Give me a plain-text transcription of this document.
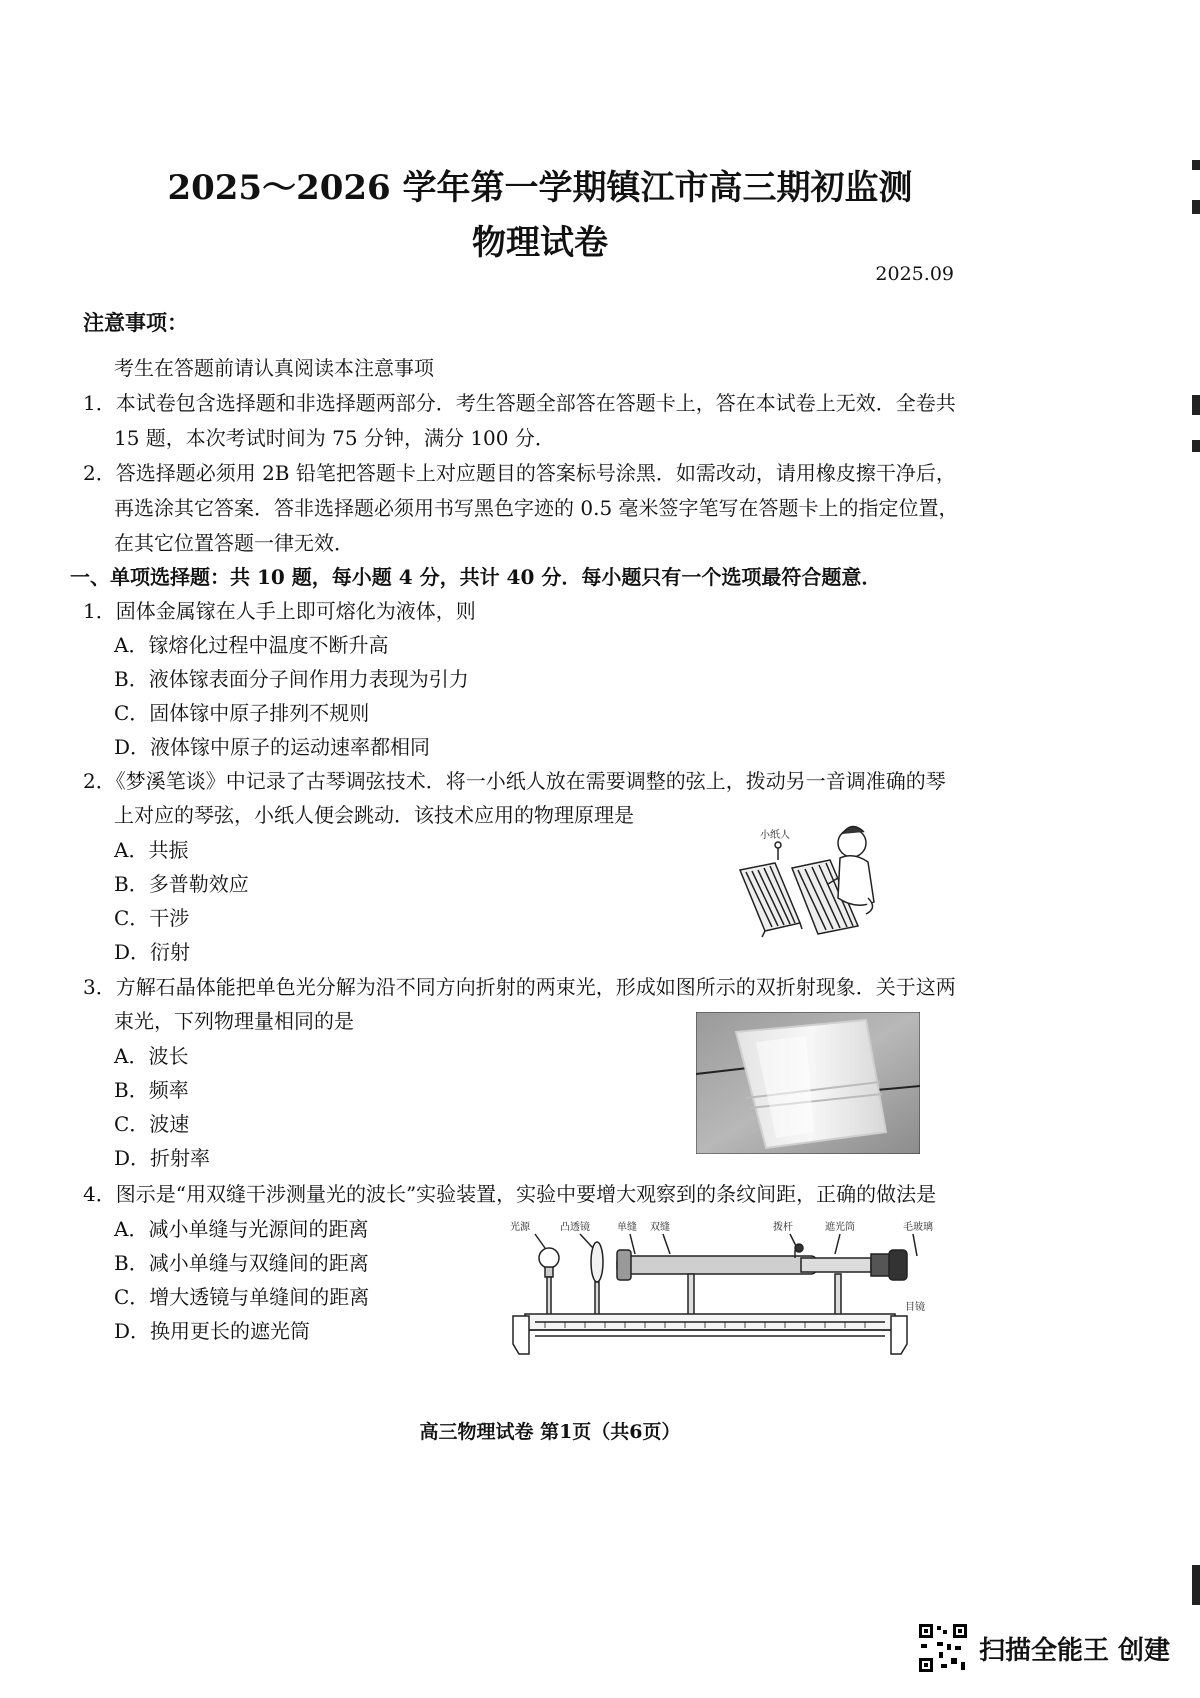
2025～2026 学年第一学期镇江市高三期初监测
物理试卷
2025.09
注意事项：
考生在答题前请认真阅读本注意事项
1．本试卷包含选择题和非选择题两部分．考生答题全部答在答题卡上，答在本试卷上无效．全卷共
15 题，本次考试时间为 75 分钟，满分 100 分．
2．答选择题必须用 2B 铅笔把答题卡上对应题目的答案标号涂黑．如需改动，请用橡皮擦干净后，
再选涂其它答案．答非选择题必须用书写黑色字迹的 0.5 毫米签字笔写在答题卡上的指定位置，
在其它位置答题一律无效．
一、单项选择题：共 10 题，每小题 4 分，共计 40 分．每小题只有一个选项最符合题意．
1．固体金属镓在人手上即可熔化为液体，则
A．镓熔化过程中温度不断升高
B．液体镓表面分子间作用力表现为引力
C．固体镓中原子排列不规则
D．液体镓中原子的运动速率都相同
2．《梦溪笔谈》中记录了古琴调弦技术．将一小纸人放在需要调整的弦上，拨动另一音调准确的琴
上对应的琴弦，小纸人便会跳动．该技术应用的物理原理是
A．共振
B．多普勒效应
C．干涉
D．衍射
小纸人
3．方解石晶体能把单色光分解为沿不同方向折射的两束光，形成如图所示的双折射现象．关于这两
束光，下列物理量相同的是
A．波长
B．频率
C．波速
D．折射率
4．图示是“用双缝干涉测量光的波长”实验装置，实验中要增大观察到的条纹间距，正确的做法是
A．减小单缝与光源间的距离
B．减小单缝与双缝间的距离
C．增大透镜与单缝间的距离
D．换用更长的遮光筒
光源	凸透镜	单缝 双缝	拨杆	遮光筒	毛玻璃
目镜
高三物理试卷 第1页（共6页）
扫描全能王 创建
